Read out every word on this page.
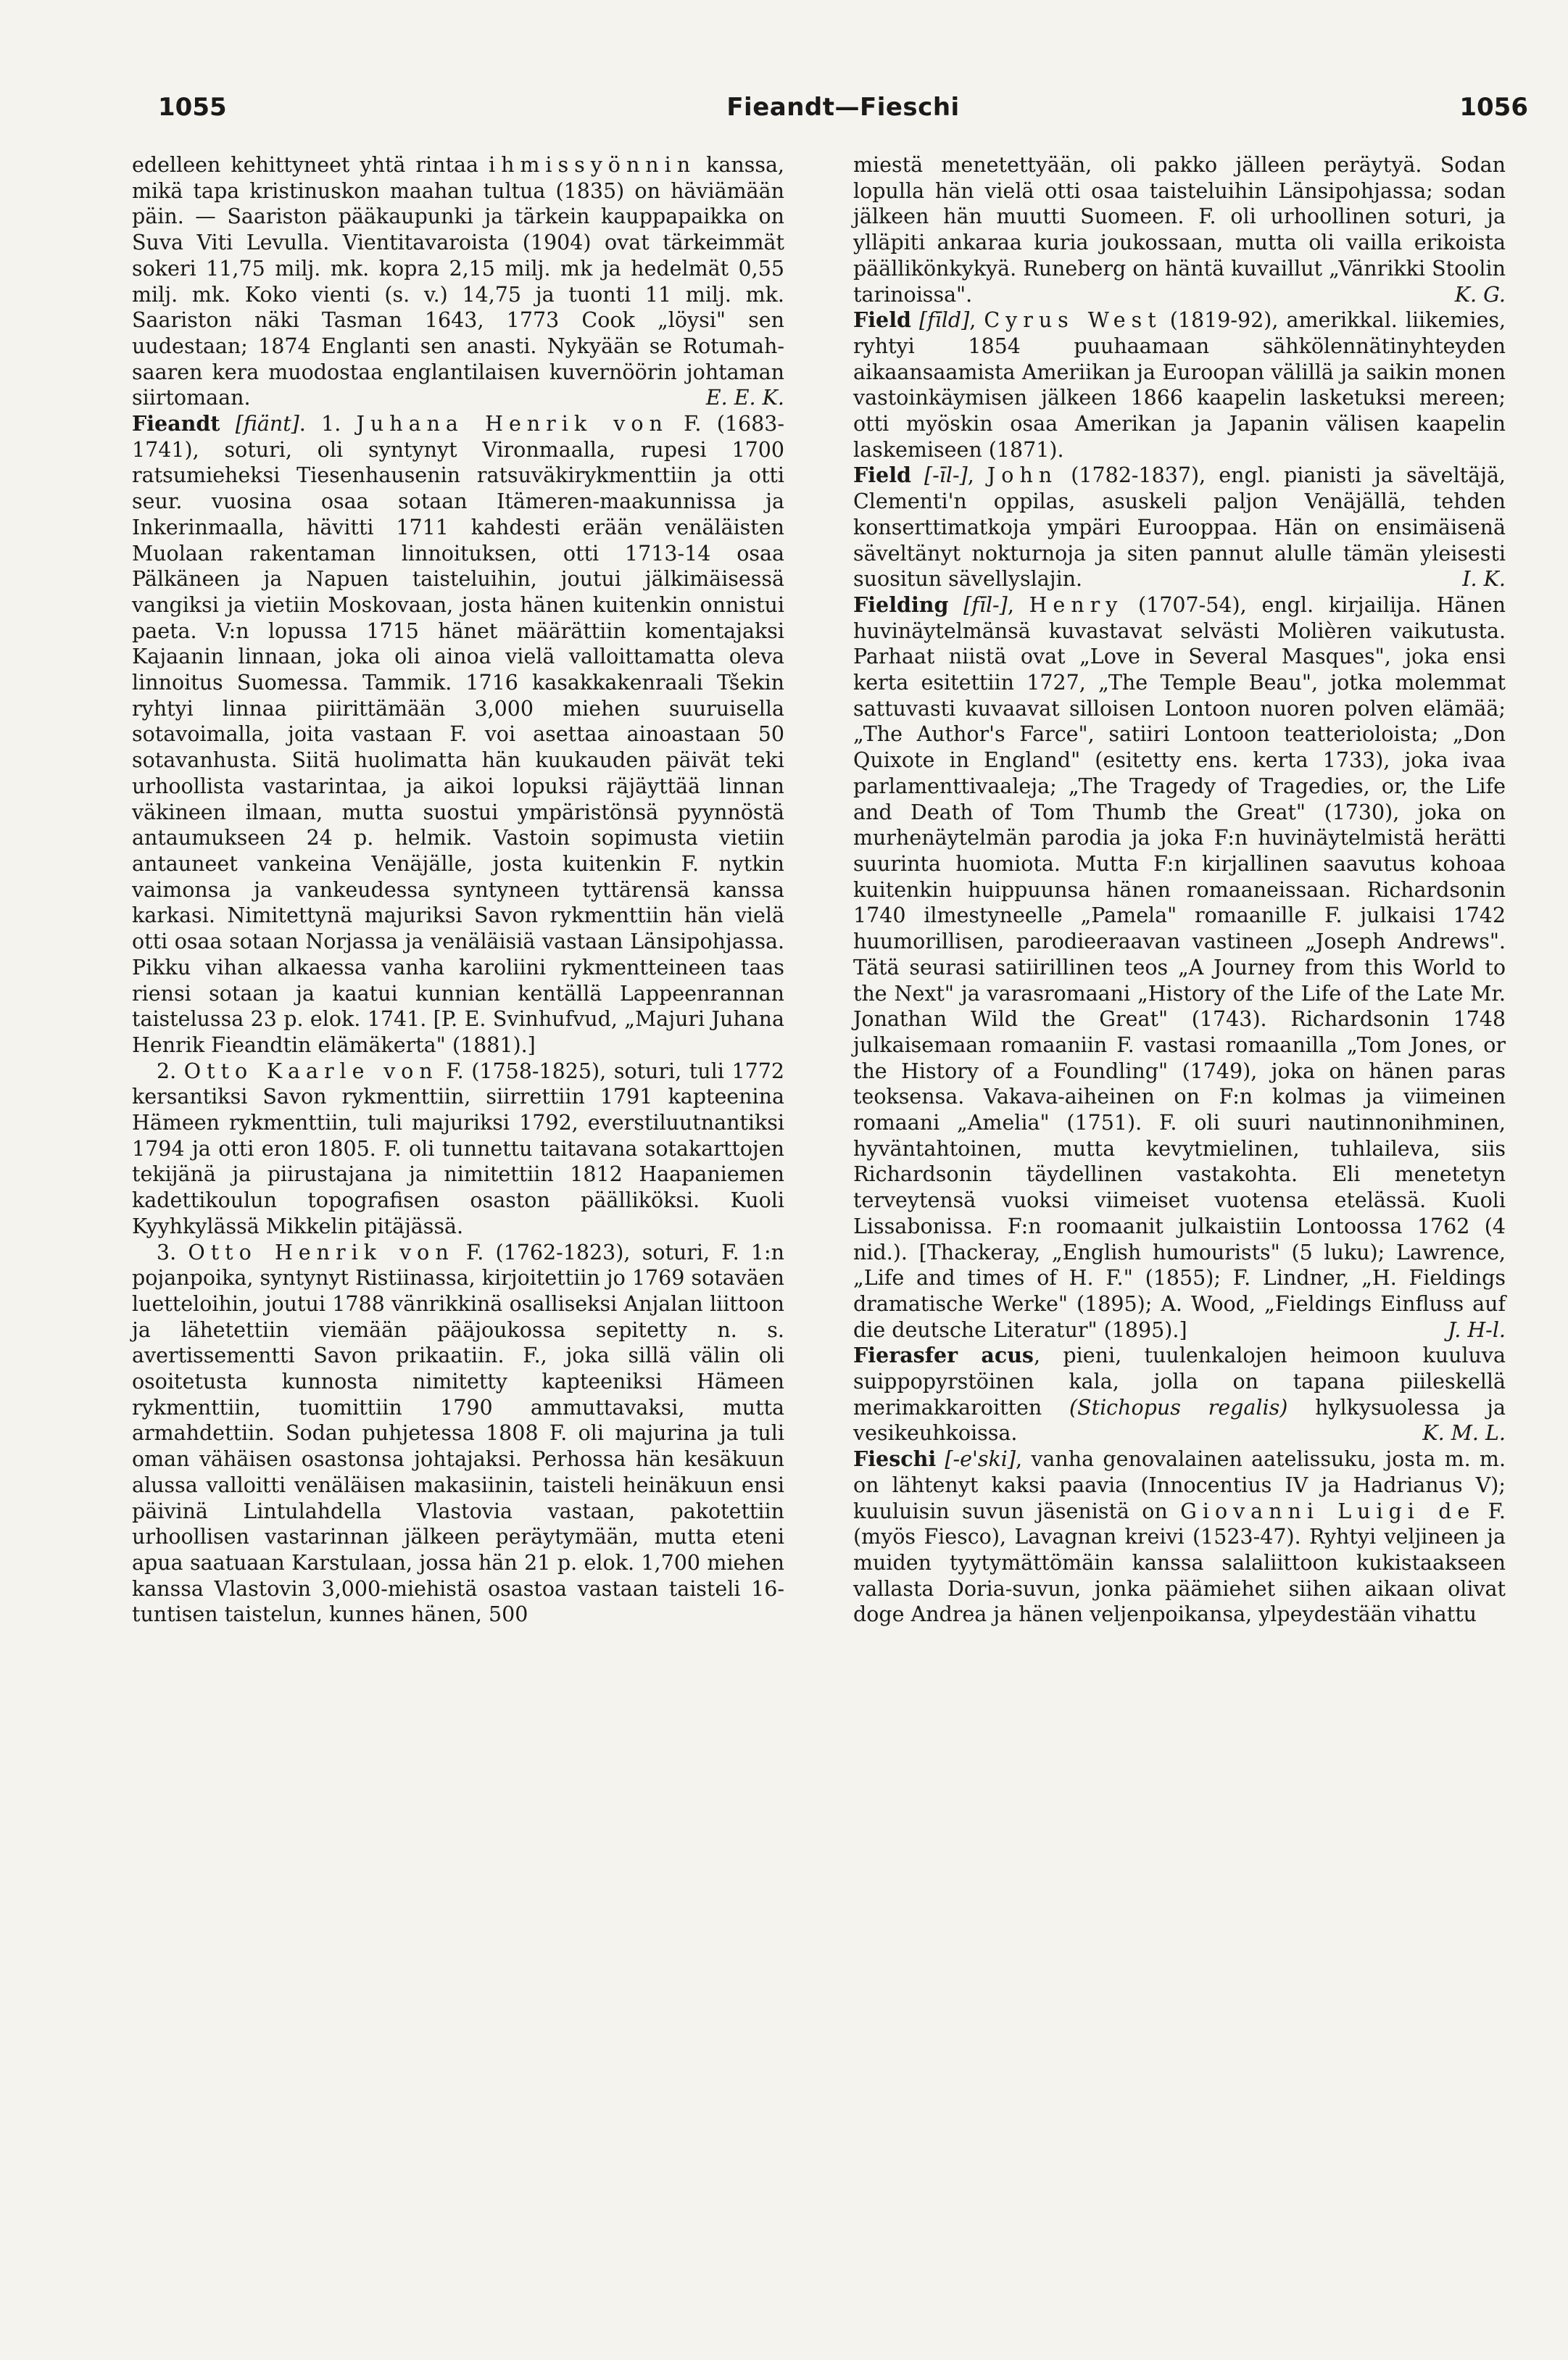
1055	Fieandt—Fieschi	1056

edelleen kehittyneet yhtä rintaa ihmissyönnin kanssa, mikä tapa kristinuskon maahan tultua (1835) on häviämään päin. — Saariston pääkaupunki ja tärkein kauppapaikka on Suva Viti Levulla. Vientitavaroista (1904) ovat tärkeimmät sokeri 11,75 milj. mk. kopra 2,15 milj. mk ja hedelmät 0,55 milj. mk. Koko vienti (s. v.) 14,75 ja tuonti 11 milj. mk. Saariston näki Tasman 1643, 1773 Cook „löysi" sen uudestaan; 1874 Englanti sen anasti. Nykyään se Rotumah-saaren kera muodostaa englantilaisen kuvernöörin johtaman siirtomaan.	E. E. K.

Fieandt [fiänt]. 1. Juhana Henrik von F. (1683-1741), soturi, oli syntynyt Vironmaalla, rupesi 1700 ratsumieheksi Tiesenhausenin ratsuväkirykmenttiin ja otti seur. vuosina osaa sotaan Itämeren-maakunnissa ja Inkerinmaalla, hävitti 1711 kahdesti erään venäläisten Muolaan rakentaman linnoituksen, otti 1713-14 osaa Pälkäneen ja Napuen taisteluihin, joutui jälkimäisessä vangiksi ja vietiin Moskovaan, josta hänen kuitenkin onnistui paeta. V:n lopussa 1715 hänet määrättiin komentajaksi Kajaanin linnaan, joka oli ainoa vielä valloittamatta oleva linnoitus Suomessa. Tammik. 1716 kasakkakenraali Tšekin ryhtyi linnaa piirittämään 3,000 miehen suuruisella sotavoimalla, joita vastaan F. voi asettaa ainoastaan 50 sotavanhusta. Siitä huolimatta hän kuukauden päivät teki urhoollista vastarintaa, ja aikoi lopuksi räjäyttää linnan väkineen ilmaan, mutta suostui ympäristönsä pyynnöstä antaumukseen 24 p. helmik. Vastoin sopimusta vietiin antauneet vankeina Venäjälle, josta kuitenkin F. nytkin vaimonsa ja vankeudessa syntyneen tyttärensä kanssa karkasi. Nimitettynä majuriksi Savon rykmenttiin hän vielä otti osaa sotaan Norjassa ja venäläisiä vastaan Länsipohjassa. Pikku vihan alkaessa vanha karoliini rykmentteineen taas riensi sotaan ja kaatui kunnian kentällä Lappeenrannan taistelussa 23 p. elok. 1741. [P. E. Svinhufvud, „Majuri Juhana Henrik Fieandtin elämäkerta" (1881).]

2. Otto Kaarle von F. (1758-1825), soturi, tuli 1772 kersantiksi Savon rykmenttiin, siirrettiin 1791 kapteenina Hämeen rykmenttiin, tuli majuriksi 1792, everstiluutnantiksi 1794 ja otti eron 1805. F. oli tunnettu taitavana sotakarttojen tekijänä ja piirustajana ja nimitettiin 1812 Haapaniemen kadettikoulun topografisen osaston päälliköksi. Kuoli Kyyhkylässä Mikkelin pitäjässä.

3. Otto Henrik von F. (1762-1823), soturi, F. 1:n pojanpoika, syntynyt Ristiinassa, kirjoitettiin jo 1769 sotaväen luetteloihin, joutui 1788 vänrikkinä osalliseksi Anjalan liittoon ja lähetettiin viemään pääjoukossa sepitetty n. s. avertissementti Savon prikaatiin. F., joka sillä välin oli osoitetusta kunnosta nimitetty kapteeniksi Hämeen rykmenttiin, tuomittiin 1790 ammuttavaksi, mutta armahdettiin. Sodan puhjetessa 1808 F. oli majurina ja tuli oman vähäisen osastonsa johtajaksi. Perhossa hän kesäkuun alussa valloitti venäläisen makasiinin, taisteli heinäkuun ensi päivinä Lintulahdella Vlastovia vastaan, pakotettiin urhoollisen vastarinnan jälkeen peräytymään, mutta eteni apua saatuaan Karstulaan, jossa hän 21 p. elok. 1,700 miehen kanssa Vlastovin 3,000-miehistä osastoa vastaan taisteli 16-tuntisen taistelun, kunnes hänen, 500

miestä menetettyään, oli pakko jälleen peräytyä. Sodan lopulla hän vielä otti osaa taisteluihin Länsipohjassa; sodan jälkeen hän muutti Suomeen. F. oli urhoollinen soturi, ja ylläpiti ankaraa kuria joukossaan, mutta oli vailla erikoista päällikönkykyä. Runeberg on häntä kuvaillut „Vänrikki Stoolin tarinoissa".	K. G.

Field [fīld], Cyrus West (1819-92), amerikkal. liikemies, ryhtyi 1854 puuhaamaan sähkölennätinyhteyden aikaansaamista Ameriikan ja Euroopan välillä ja saikin monen vastoinkäymisen jälkeen 1866 kaapelin lasketuksi mereen; otti myöskin osaa Amerikan ja Japanin välisen kaapelin laskemiseen (1871).

Field [-īl-], John (1782-1837), engl. pianisti ja säveltäjä, Clementi'n oppilas, asuskeli paljon Venäjällä, tehden konserttimatkoja ympäri Eurooppaa. Hän on ensimäisenä säveltänyt nokturnoja ja siten pannut alulle tämän yleisesti suositun sävellyslajin.	I. K.

Fielding [fīl-], Henry (1707-54), engl. kirjailija. Hänen huvinäytelmänsä kuvastavat selvästi Molièren vaikutusta. Parhaat niistä ovat „Love in Several Masques", joka ensi kerta esitettiin 1727, „The Temple Beau", jotka molemmat sattuvasti kuvaavat silloisen Lontoon nuoren polven elämää; „The Author's Farce", satiiri Lontoon teatterioloista; „Don Quixote in England" (esitetty ens. kerta 1733), joka ivaa parlamenttivaaleja; „The Tragedy of Tragedies, or, the Life and Death of Tom Thumb the Great" (1730), joka on murhenäytelmän parodia ja joka F:n huvinäytelmistä herätti suurinta huomiota. Mutta F:n kirjallinen saavutus kohoaa kuitenkin huippuunsa hänen romaaneissaan. Richardsonin 1740 ilmestyneelle „Pamela" romaanille F. julkaisi 1742 huumorillisen, parodieeraavan vastineen „Joseph Andrews". Tätä seurasi satiirillinen teos „A Journey from this World to the Next" ja varasromaani „History of the Life of the Late Mr. Jonathan Wild the Great" (1743). Richardsonin 1748 julkaisemaan romaaniin F. vastasi romaanilla „Tom Jones, or the History of a Foundling" (1749), joka on hänen paras teoksensa. Vakava-aiheinen on F:n kolmas ja viimeinen romaani „Amelia" (1751). F. oli suuri nautinnonihminen, hyväntahtoinen, mutta kevytmielinen, tuhlaileva, siis Richardsonin täydellinen vastakohta. Eli menetetyn terveytensä vuoksi viimeiset vuotensa etelässä. Kuoli Lissabonissa. F:n roomaanit julkaistiin Lontoossa 1762 (4 nid.). [Thackeray, „English humourists" (5 luku); Lawrence, „Life and times of H. F." (1855); F. Lindner, „H. Fieldings dramatische Werke" (1895); A. Wood, „Fieldings Einfluss auf die deutsche Literatur" (1895).]	J. H-l.

Fierasfer acus, pieni, tuulenkalojen heimoon kuuluva suippopyrstöinen kala, jolla on tapana piileskellä merimakkaroitten (Stichopus regalis) hylkysuolessa ja vesikeuhkoissa.	K. M. L.

Fieschi [-e'ski], vanha genovalainen aatelissuku, josta m. m. on lähtenyt kaksi paavia (Innocentius IV ja Hadrianus V); kuuluisin suvun jäsenistä on Giovanni Luigi de F. (myös Fiesco), Lavagnan kreivi (1523-47). Ryhtyi veljineen ja muiden tyytymättömäin kanssa salaliittoon kukistaakseen vallasta Doria-suvun, jonka päämiehet siihen aikaan olivat doge Andrea ja hänen veljenpoikansa, ylpeydestään vihattu
